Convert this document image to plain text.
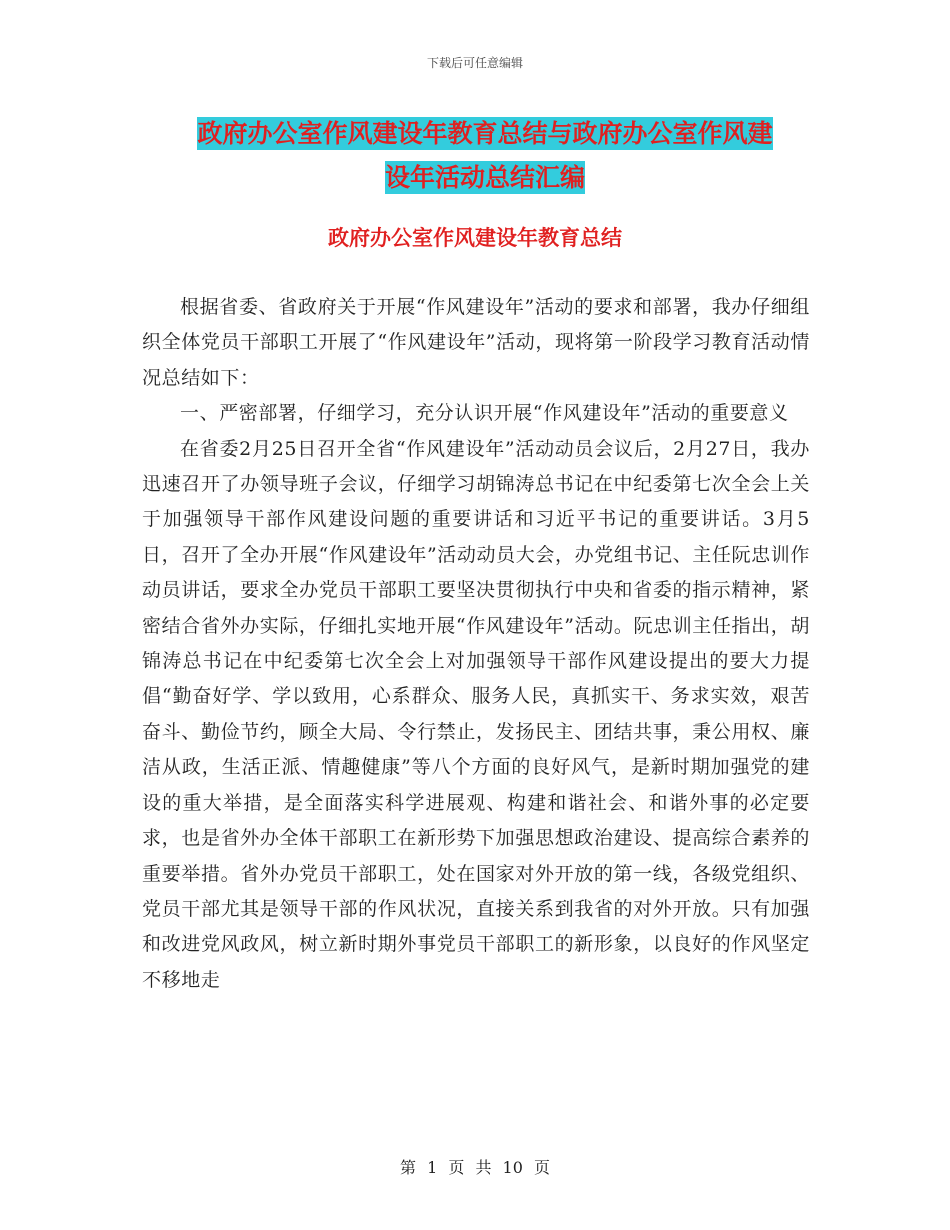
下载后可任意编辑
政府办公室作风建设年教育总结与政府办公室作风建
设年活动总结汇编
政府办公室作风建设年教育总结

根据省委、省政府关于开展“作风建设年”活动的要求和部署，我办仔细组织全体党员干部职工开展了“作风建设年”活动，现将第一阶段学习教育活动情况总结如下：

一、严密部署，仔细学习，充分认识开展“作风建设年”活动的重要意义

在省委2月25日召开全省“作风建设年”活动动员会议后，2月27日，我办迅速召开了办领导班子会议，仔细学习胡锦涛总书记在中纪委第七次全会上关于加强领导干部作风建设问题的重要讲话和习近平书记的重要讲话。3月5日，召开了全办开展“作风建设年”活动动员大会，办党组书记、主任阮忠训作动员讲话，要求全办党员干部职工要坚决贯彻执行中央和省委的指示精神，紧密结合省外办实际，仔细扎实地开展“作风建设年”活动。阮忠训主任指出，胡锦涛总书记在中纪委第七次全会上对加强领导干部作风建设提出的要大力提倡“勤奋好学、学以致用，心系群众、服务人民，真抓实干、务求实效，艰苦奋斗、勤俭节约，顾全大局、令行禁止，发扬民主、团结共事，秉公用权、廉洁从政，生活正派、情趣健康”等八个方面的良好风气，是新时期加强党的建设的重大举措，是全面落实科学进展观、构建和谐社会、和谐外事的必定要求，也是省外办全体干部职工在新形势下加强思想政治建设、提高综合素养的重要举措。省外办党员干部职工，处在国家对外开放的第一线，各级党组织、党员干部尤其是领导干部的作风状况，直接关系到我省的对外开放。只有加强和改进党风政风，树立新时期外事党员干部职工的新形象，以良好的作风坚定不移地走

第 1 页 共 10 页
